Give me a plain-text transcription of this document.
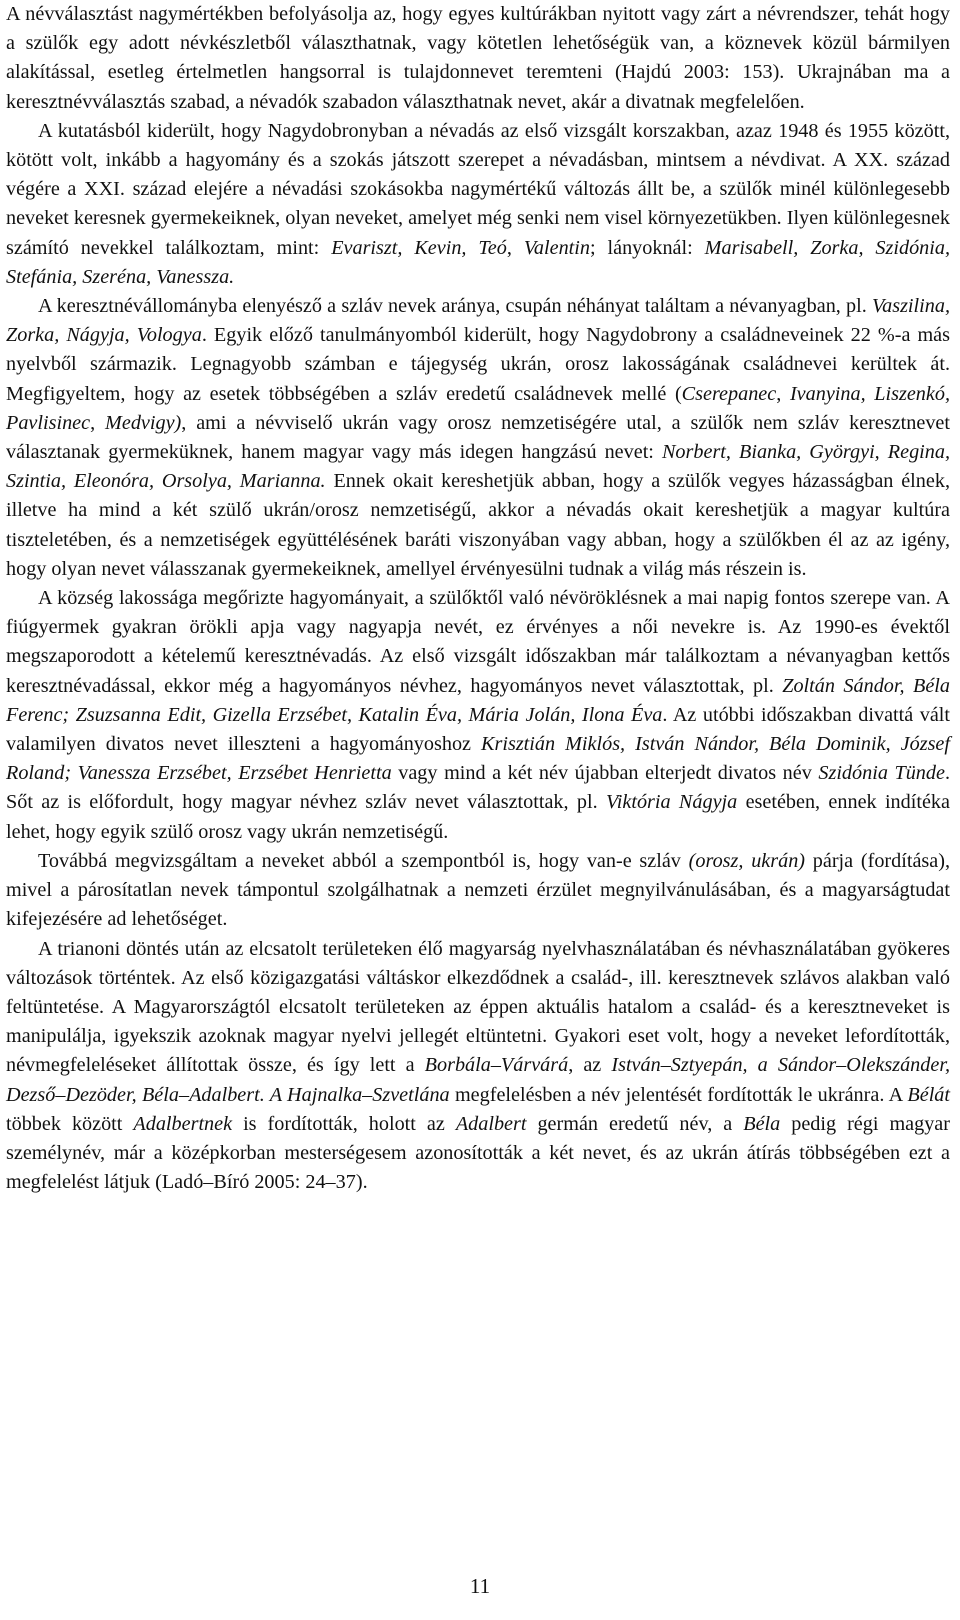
A névválasztást nagymértékben befolyásolja az, hogy egyes kultúrákban nyitott vagy zárt a névrendszer, tehát hogy a szülők egy adott névkészletből választhatnak, vagy kötetlen lehetőségük van, a köznevek közül bármilyen alakítással, esetleg értelmetlen hangsorral is tulajdonnevet teremteni (Hajdú 2003: 153). Ukrajnában ma a keresztnévválasztás szabad, a névadók szabadon választhatnak nevet, akár a divatnak megfelelően.

A kutatásból kiderült, hogy Nagydobronyban a névadás az első vizsgált korszakban, azaz 1948 és 1955 között, kötött volt, inkább a hagyomány és a szokás játszott szerepet a névadásban, mintsem a névdivat. A XX. század végére a XXI. század elejére a névadási szokásokba nagymértékű változás állt be, a szülők minél különlegesebb neveket keresnek gyermekeiknek, olyan neveket, amelyet még senki nem visel környezetükben. Ilyen különlegesnek számító nevekkel találkoztam, mint: Evariszt, Kevin, Teó, Valentin; lányoknál: Marisabell, Zorka, Szidónia, Stefánia, Szeréna, Vanessza.

A keresztnévállományba elenyésző a szláv nevek aránya, csupán néhányat találtam a névanyagban, pl. Vaszilina, Zorka, Nágyja, Vologya. Egyik előző tanulmányomból kiderült, hogy Nagydobrony a családneveinek 22 %-a más nyelvből származik. Legnagyobb számban e tájegység ukrán, orosz lakosságának családnevei kerültek át. Megfigyeltem, hogy az esetek többségében a szláv eredetű családnevek mellé (Cserepanec, Ivanyina, Liszenkó, Pavlisinec, Medvigy), ami a névviselő ukrán vagy orosz nemzetiségére utal, a szülők nem szláv keresztnevet választanak gyermeküknek, hanem magyar vagy más idegen hangzású nevet: Norbert, Bianka, Györgyi, Regina, Szintia, Eleonóra, Orsolya, Marianna. Ennek okait kereshetjük abban, hogy a szülők vegyes házasságban élnek, illetve ha mind a két szülő ukrán/orosz nemzetiségű, akkor a névadás okait kereshetjük a magyar kultúra tiszteletében, és a nemzetiségek együttélésének baráti viszonyában vagy abban, hogy a szülőkben él az az igény, hogy olyan nevet válasszanak gyermekeiknek, amellyel érvényesülni tudnak a világ más részein is.

A község lakossága megőrizte hagyományait, a szülőktől való névöröklésnek a mai napig fontos szerepe van. A fiúgyermek gyakran örökli apja vagy nagyapja nevét, ez érvényes a női nevekre is. Az 1990-es évektől megszaporodott a kételemű keresztnévadás. Az első vizsgált időszakban már találkoztam a névanyagban kettős keresztnévadással, ekkor még a hagyományos névhez, hagyományos nevet választottak, pl. Zoltán Sándor, Béla Ferenc; Zsuzsanna Edit, Gizella Erzsébet, Katalin Éva, Mária Jolán, Ilona Éva. Az utóbbi időszakban divattá vált valamilyen divatos nevet illeszteni a hagyományoshoz Krisztián Miklós, István Nándor, Béla Dominik, József Roland; Vanessza Erzsébet, Erzsébet Henrietta vagy mind a két név újabban elterjedt divatos név Szidónia Tünde. Sőt az is előfordult, hogy magyar névhez szláv nevet választottak, pl. Viktória Nágyja esetében, ennek indítéka lehet, hogy egyik szülő orosz vagy ukrán nemzetiségű.

Továbbá megvizsgáltam a neveket abból a szempontból is, hogy van-e szláv (orosz, ukrán) párja (fordítása), mivel a párosítatlan nevek támpontul szolgálhatnak a nemzeti érzület megnyilvánulásában, és a magyarságtudat kifejezésére ad lehetőséget.

A trianoni döntés után az elcsatolt területeken élő magyarság nyelvhasználatában és névhasználatában gyökeres változások történtek. Az első közigazgatási váltáskor elkezdődnek a család-, ill. keresztnevek szlávos alakban való feltüntetése. A Magyarországtól elcsatolt területeken az éppen aktuális hatalom a család- és a keresztneveket is manipulálja, igyekszik azoknak magyar nyelvi jellegét eltüntetni. Gyakori eset volt, hogy a neveket lefordították, névmegfeleléseket állítottak össze, és így lett a Borbála–Várvárá, az István–Sztyepán, a Sándor–Olekszánder, Dezső–Dezöder, Béla–Adalbert. A Hajnalka–Szvetlána megfelelésben a név jelentését fordították le ukránra. A Bélát többek között Adalbertnek is fordították, holott az Adalbert germán eredetű név, a Béla pedig régi magyar személynév, már a középkorban mesterségesem azonosították a két nevet, és az ukrán átírás többségében ezt a megfelelést látjuk (Ladó–Bíró 2005: 24–37).

11
